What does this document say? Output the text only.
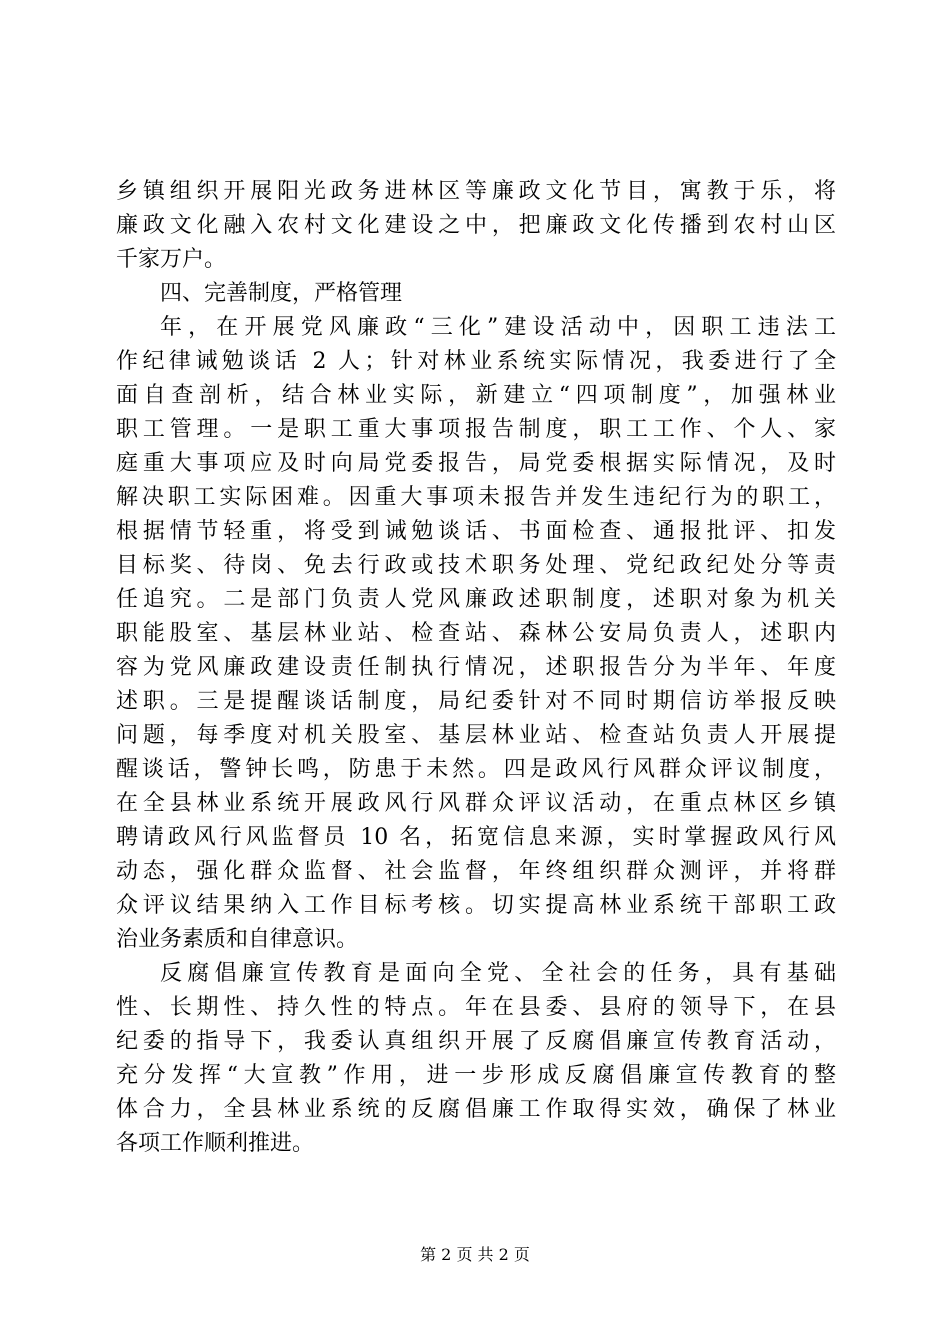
乡镇组织开展阳光政务进林区等廉政文化节目，寓教于乐，将
廉政文化融入农村文化建设之中，把廉政文化传播到农村山区
千家万户。
四、完善制度，严格管理
年，在开展党风廉政“三化”建设活动中，因职工违法工
作纪律诫勉谈话 2 人；针对林业系统实际情况，我委进行了全
面自查剖析，结合林业实际，新建立“四项制度”，加强林业
职工管理。一是职工重大事项报告制度，职工工作、个人、家
庭重大事项应及时向局党委报告，局党委根据实际情况，及时
解决职工实际困难。因重大事项未报告并发生违纪行为的职工，
根据情节轻重，将受到诫勉谈话、书面检查、通报批评、扣发
目标奖、待岗、免去行政或技术职务处理、党纪政纪处分等责
任追究。二是部门负责人党风廉政述职制度，述职对象为机关
职能股室、基层林业站、检查站、森林公安局负责人，述职内
容为党风廉政建设责任制执行情况，述职报告分为半年、年度
述职。三是提醒谈话制度，局纪委针对不同时期信访举报反映
问题，每季度对机关股室、基层林业站、检查站负责人开展提
醒谈话，警钟长鸣，防患于未然。四是政风行风群众评议制度，
在全县林业系统开展政风行风群众评议活动，在重点林区乡镇
聘请政风行风监督员 10 名，拓宽信息来源，实时掌握政风行风
动态，强化群众监督、社会监督，年终组织群众测评，并将群
众评议结果纳入工作目标考核。切实提高林业系统干部职工政
治业务素质和自律意识。
反腐倡廉宣传教育是面向全党、全社会的任务，具有基础
性、长期性、持久性的特点。年在县委、县府的领导下，在县
纪委的指导下，我委认真组织开展了反腐倡廉宣传教育活动，
充分发挥“大宣教”作用，进一步形成反腐倡廉宣传教育的整
体合力，全县林业系统的反腐倡廉工作取得实效，确保了林业
各项工作顺利推进。
第 2 页 共 2 页
